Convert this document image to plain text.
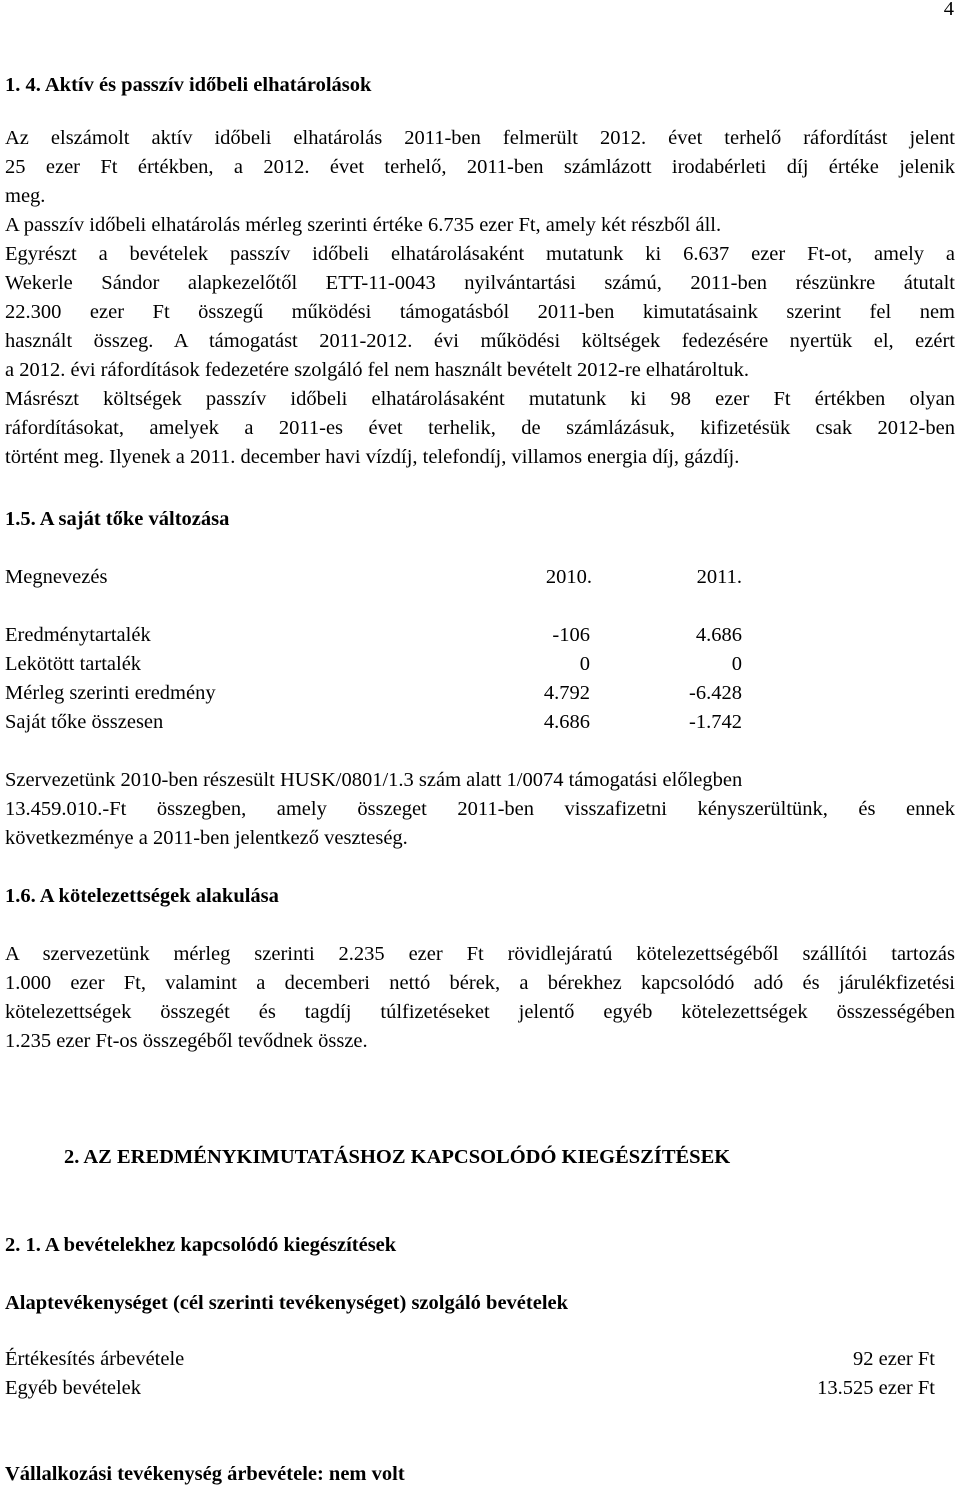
4
1. 4. Aktív és passzív időbeli elhatárolások
Az elszámolt aktív időbeli elhatárolás 2011-ben felmerült 2012. évet terhelő ráfordítást jelent
25 ezer Ft értékben, a 2012. évet terhelő, 2011-ben számlázott irodabérleti díj értéke jelenik
meg.
A passzív időbeli elhatárolás mérleg szerinti értéke 6.735 ezer Ft, amely két részből áll.
Egyrészt a bevételek passzív időbeli elhatárolásaként mutatunk ki 6.637 ezer Ft-ot, amely a
Wekerle Sándor alapkezelőtől ETT-11-0043 nyilvántartási számú, 2011-ben részünkre átutalt
22.300 ezer Ft összegű működési támogatásból 2011-ben kimutatásaink szerint fel nem
használt összeg. A támogatást 2011-2012. évi működési költségek fedezésére nyertük el, ezért
a 2012. évi ráfordítások fedezetére szolgáló fel nem használt bevételt 2012-re elhatároltuk.
Másrészt költségek passzív időbeli elhatárolásaként mutatunk ki 98 ezer Ft értékben olyan
ráfordításokat, amelyek a 2011-es évet terhelik, de számlázásuk, kifizetésük csak 2012-ben
történt meg. Ilyenek a 2011. december havi vízdíj, telefondíj, villamos energia díj, gázdíj.
1.5. A saját tőke változása
Megnevezés	2010.	2011.
Eredménytartalék	-106	4.686
Lekötött tartalék	0	0
Mérleg szerinti eredmény	4.792	-6.428
Saját tőke összesen	4.686	-1.742
Szervezetünk 2010-ben részesült HUSK/0801/1.3 szám alatt 1/0074 támogatási előlegben
13.459.010.-Ft összegben, amely összeget 2011-ben visszafizetni kényszerültünk, és ennek
következménye a 2011-ben jelentkező veszteség.
1.6. A kötelezettségek alakulása
A szervezetünk mérleg szerinti 2.235 ezer Ft rövidlejáratú kötelezettségéből szállítói tartozás
1.000 ezer Ft, valamint a decemberi nettó bérek, a bérekhez kapcsolódó adó és járulékfizetési
kötelezettségek összegét és tagdíj túlfizetéseket jelentő egyéb kötelezettségek összességében
1.235 ezer Ft-os összegéből tevődnek össze.
2. AZ EREDMÉNYKIMUTATÁSHOZ KAPCSOLÓDÓ KIEGÉSZÍTÉSEK
2. 1. A bevételekhez kapcsolódó kiegészítések
Alaptevékenységet (cél szerinti tevékenységet) szolgáló bevételek
Értékesítés árbevétele	92 ezer Ft
Egyéb bevételek	13.525 ezer Ft
Vállalkozási tevékenység árbevétele: nem volt
